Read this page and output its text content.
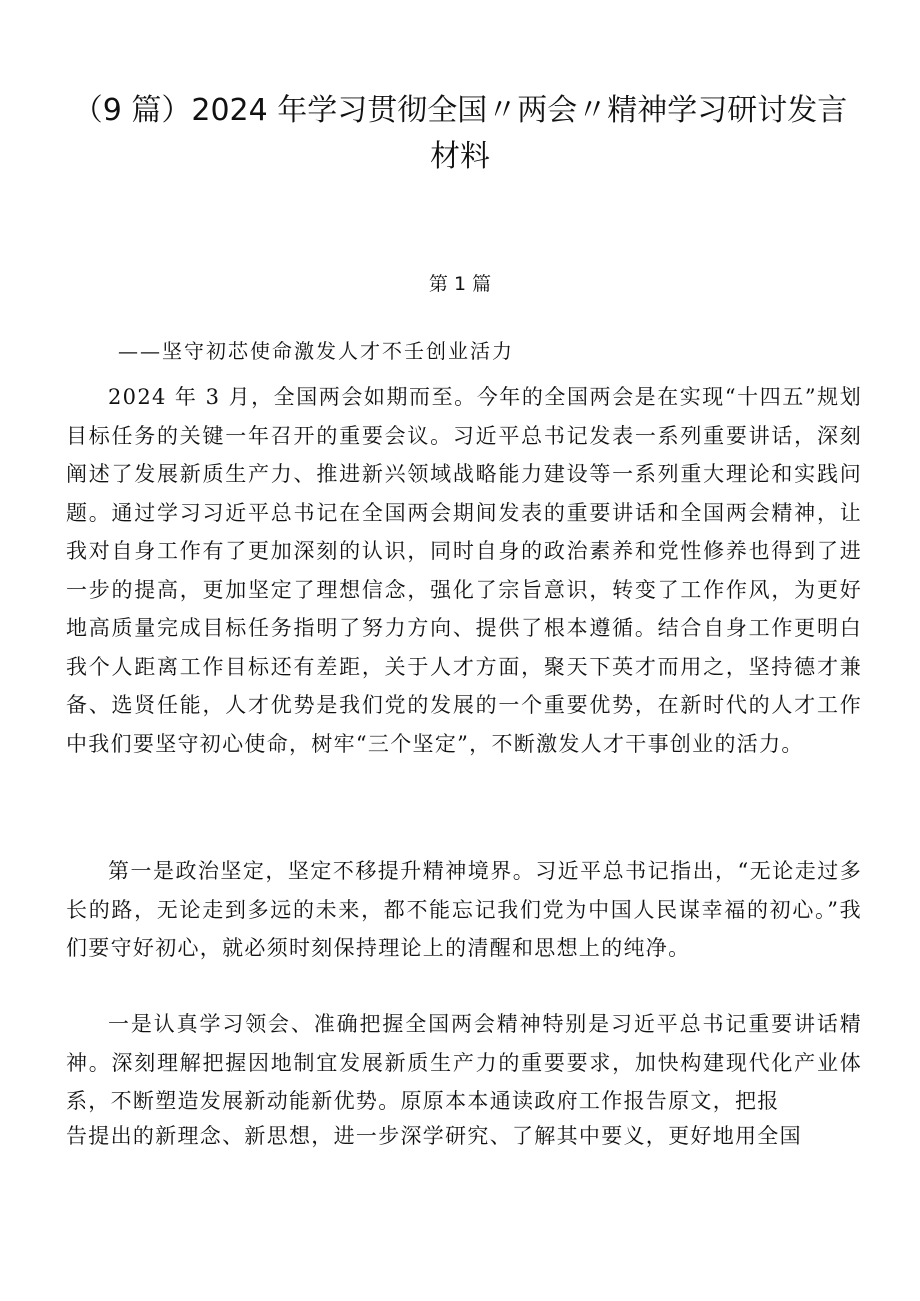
（9 篇）2024 年学习贯彻全国〃两会〃精神学习研讨发言材料
第 1 篇
——坚守初芯使命激发人才不壬创业活力

2024 年 3 月，全国两会如期而至。今年的全国两会是在实现“十四五”规划目标任务的关键一年召开的重要会议。习近平总书记发表一系列重要讲话，深刻阐述了发展新质生产力、推进新兴领域战略能力建设等一系列重大理论和实践问题。通过学习习近平总书记在全国两会期间发表的重要讲话和全国两会精神，让我对自身工作有了更加深刻的认识，同时自身的政治素养和党性修养也得到了进一步的提高，更加坚定了理想信念，强化了宗旨意识，转变了工作作风，为更好地高质量完成目标任务指明了努力方向、提供了根本遵循。结合自身工作更明白我个人距离工作目标还有差距，关于人才方面，聚天下英才而用之，坚持德才兼备、选贤任能，人才优势是我们党的发展的一个重要优势，在新时代的人才工作中我们要坚守初心使命，树牢“三个坚定”，不断激发人才干事创业的活力。

第一是政治坚定，坚定不移提升精神境界。习近平总书记指出，“无论走过多长的路，无论走到多远的未来，都不能忘记我们党为中国人民谋幸福的初心。”我们要守好初心，就必须时刻保持理论上的清醒和思想上的纯净。

一是认真学习领会、准确把握全国两会精神特别是习近平总书记重要讲话精神。深刻理解把握因地制宜发展新质生产力的重要要求，加快构建现代化产业体系，不断塑造发展新动能新优势。原原本本通读政府工作报告原文，把报

告提出的新理念、新思想，进一步深学研究、了解其中要义，更好地用全国
